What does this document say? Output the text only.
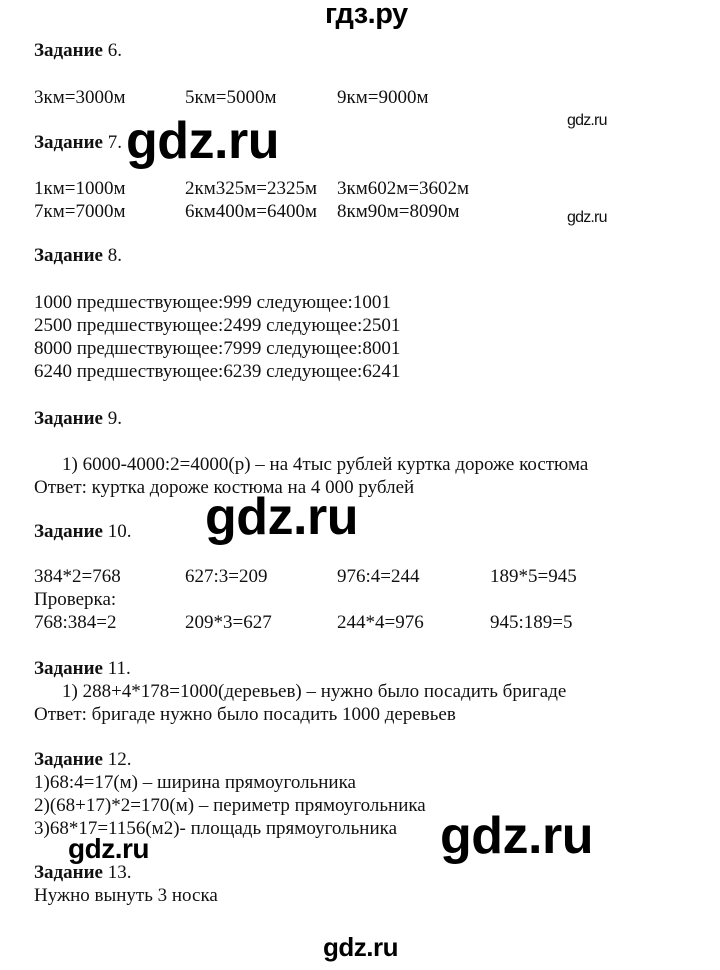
гдз.ру
Задание 6.
3км=3000м	5км=5000м	9км=9000м
gdz.ru
Задание 7. gdz.ru
1км=1000м	2км325м=2325м 3км602м=3602м
7км=7000м	6км400м=6400м 8км90м=8090м	gdz.ru
Задание 8.
1000 предшествующее:999 следующее:1001
2500 предшествующее:2499 следующее:2501
8000 предшествующее:7999 следующее:8001
6240 предшествующее:6239 следующее:6241
Задание 9.
1) 6000-4000:2=4000(р) – на 4тыс рублей куртка дороже костюма
Ответ: куртка дороже костюма на 4 000 рублей
gdz.ru
Задание 10.
384*2=768	627:3=209	976:4=244	189*5=945
Проверка:
768:384=2	209*3=627	244*4=976	945:189=5
Задание 11.
1) 288+4*178=1000(деревьев) – нужно было посадить бригаде
Ответ: бригаде нужно было посадить 1000 деревьев
Задание 12.
1)68:4=17(м) – ширина прямоугольника
2)(68+17)*2=170(м) – периметр прямоугольника
3)68*17=1156(м2)- площадь прямоугольника
gdz.ru	gdz.ru
Задание 13.
Нужно вынуть 3 носка
gdz.ru
